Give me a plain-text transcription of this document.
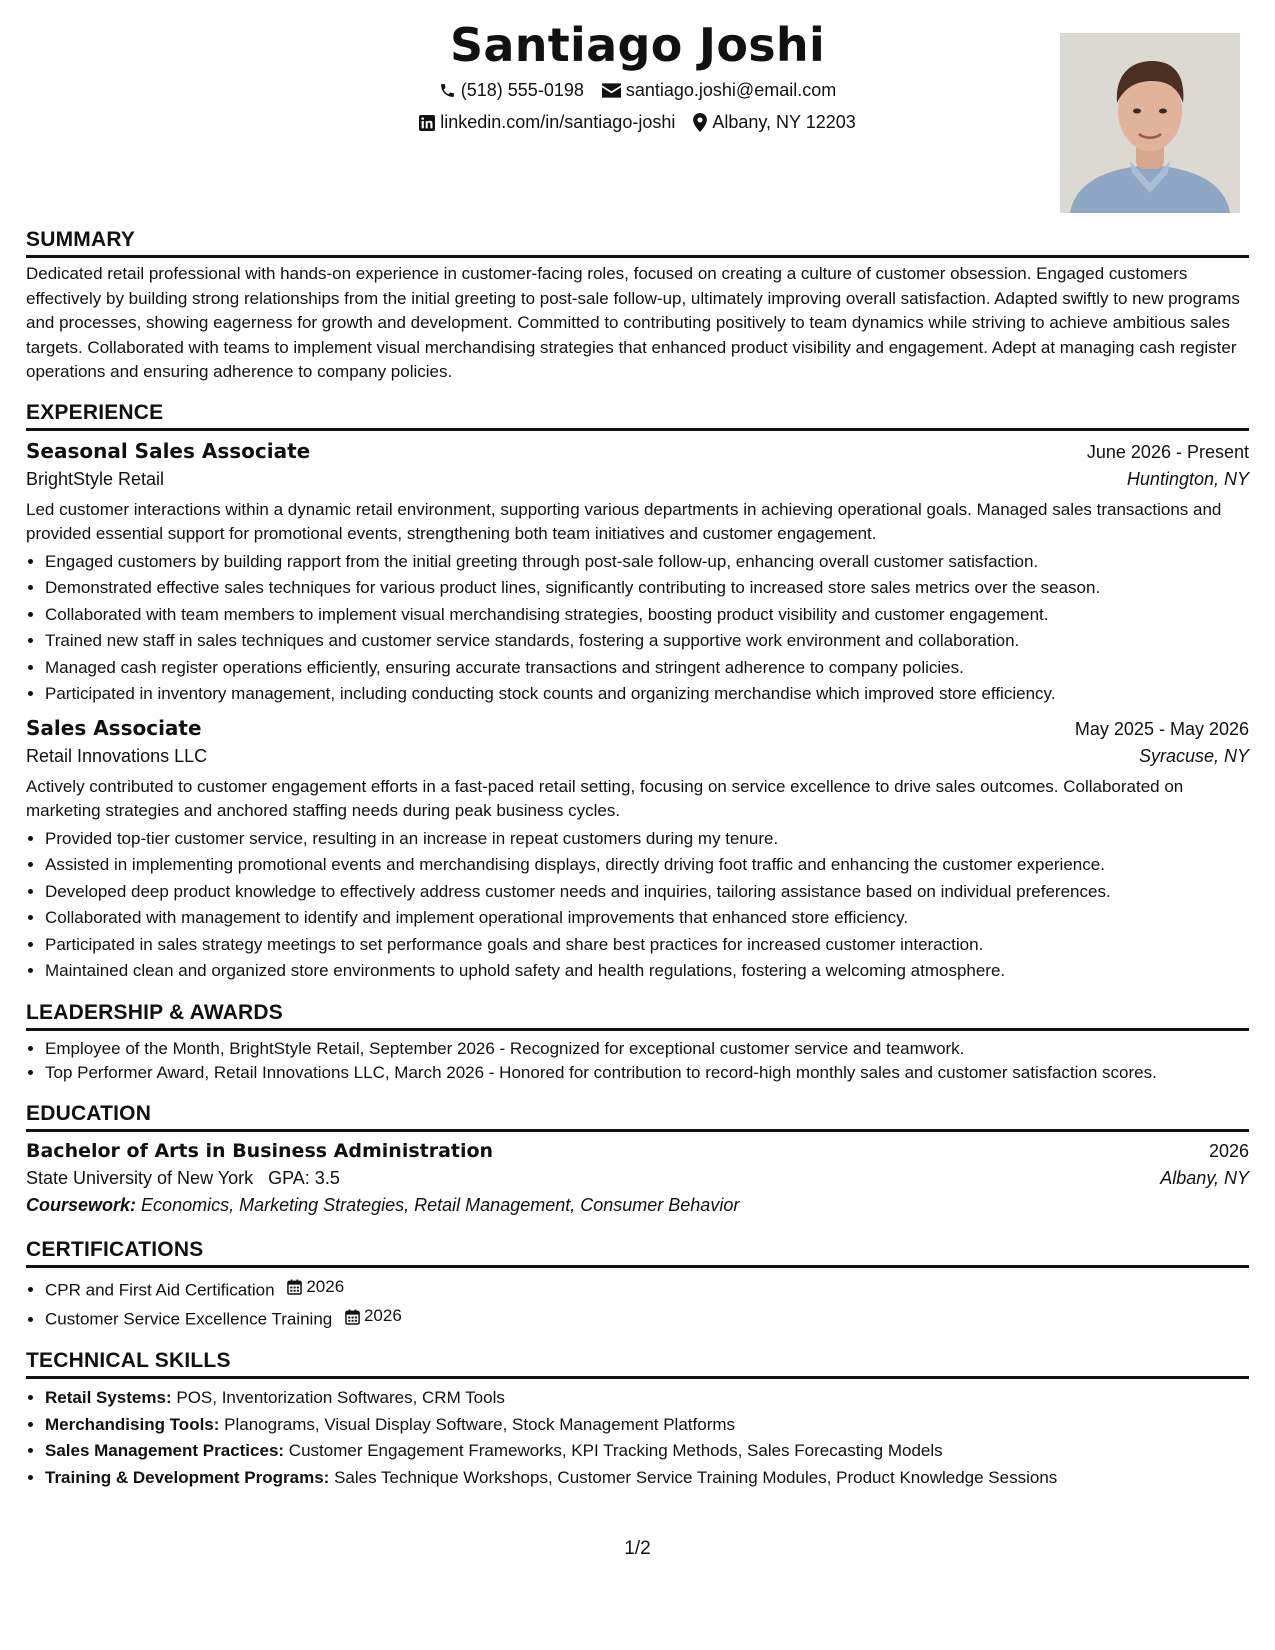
Santiago Joshi
(518) 555-0198 santiago.joshi@email.com
linkedin.com/in/santiago-joshi Albany, NY 12203
SUMMARY

Dedicated retail professional with hands-on experience in customer-facing roles, focused on creating a culture of customer obsession. Engaged customers effectively by building strong relationships from the initial greeting to post-sale follow-up, ultimately improving overall satisfaction. Adapted swiftly to new programs and processes, showing eagerness for growth and development. Committed to contributing positively to team dynamics while striving to achieve ambitious sales targets. Collaborated with teams to implement visual merchandising strategies that enhanced product visibility and engagement. Adept at managing cash register operations and ensuring adherence to company policies.

EXPERIENCE
Seasonal Sales Associate	June 2026 - Present
BrightStyle Retail	Huntington, NY

Led customer interactions within a dynamic retail environment, supporting various departments in achieving operational goals. Managed sales transactions and provided essential support for promotional events, strengthening both team initiatives and customer engagement.

• Engaged customers by building rapport from the initial greeting through post-sale follow-up, enhancing overall customer satisfaction.
• Demonstrated effective sales techniques for various product lines, significantly contributing to increased store sales metrics over the season.
• Collaborated with team members to implement visual merchandising strategies, boosting product visibility and customer engagement.
• Trained new staff in sales techniques and customer service standards, fostering a supportive work environment and collaboration.
• Managed cash register operations efficiently, ensuring accurate transactions and stringent adherence to company policies.
• Participated in inventory management, including conducting stock counts and organizing merchandise which improved store efficiency.
Sales Associate	May 2025 - May 2026
Retail Innovations LLC	Syracuse, NY

Actively contributed to customer engagement efforts in a fast-paced retail setting, focusing on service excellence to drive sales outcomes. Collaborated on marketing strategies and anchored staffing needs during peak business cycles.

• Provided top-tier customer service, resulting in an increase in repeat customers during my tenure.
• Assisted in implementing promotional events and merchandising displays, directly driving foot traffic and enhancing the customer experience.
• Developed deep product knowledge to effectively address customer needs and inquiries, tailoring assistance based on individual preferences.
• Collaborated with management to identify and implement operational improvements that enhanced store efficiency.
• Participated in sales strategy meetings to set performance goals and share best practices for increased customer interaction.
• Maintained clean and organized store environments to uphold safety and health regulations, fostering a welcoming atmosphere.
LEADERSHIP & AWARDS
• Employee of the Month, BrightStyle Retail, September 2026 - Recognized for exceptional customer service and teamwork.
• Top Performer Award, Retail Innovations LLC, March 2026 - Honored for contribution to record-high monthly sales and customer satisfaction scores.
EDUCATION
Bachelor of Arts in Business Administration	2026
State University of New York GPA: 3.5	Albany, NY
Coursework: Economics, Marketing Strategies, Retail Management, Consumer Behavior
CERTIFICATIONS
• CPR and First Aid Certification 2026
• Customer Service Excellence Training 2026
TECHNICAL SKILLS
• Retail Systems: POS, Inventorization Softwares, CRM Tools
• Merchandising Tools: Planograms, Visual Display Software, Stock Management Platforms
• Sales Management Practices: Customer Engagement Frameworks, KPI Tracking Methods, Sales Forecasting Models
• Training & Development Programs: Sales Technique Workshops, Customer Service Training Modules, Product Knowledge Sessions
1/2
